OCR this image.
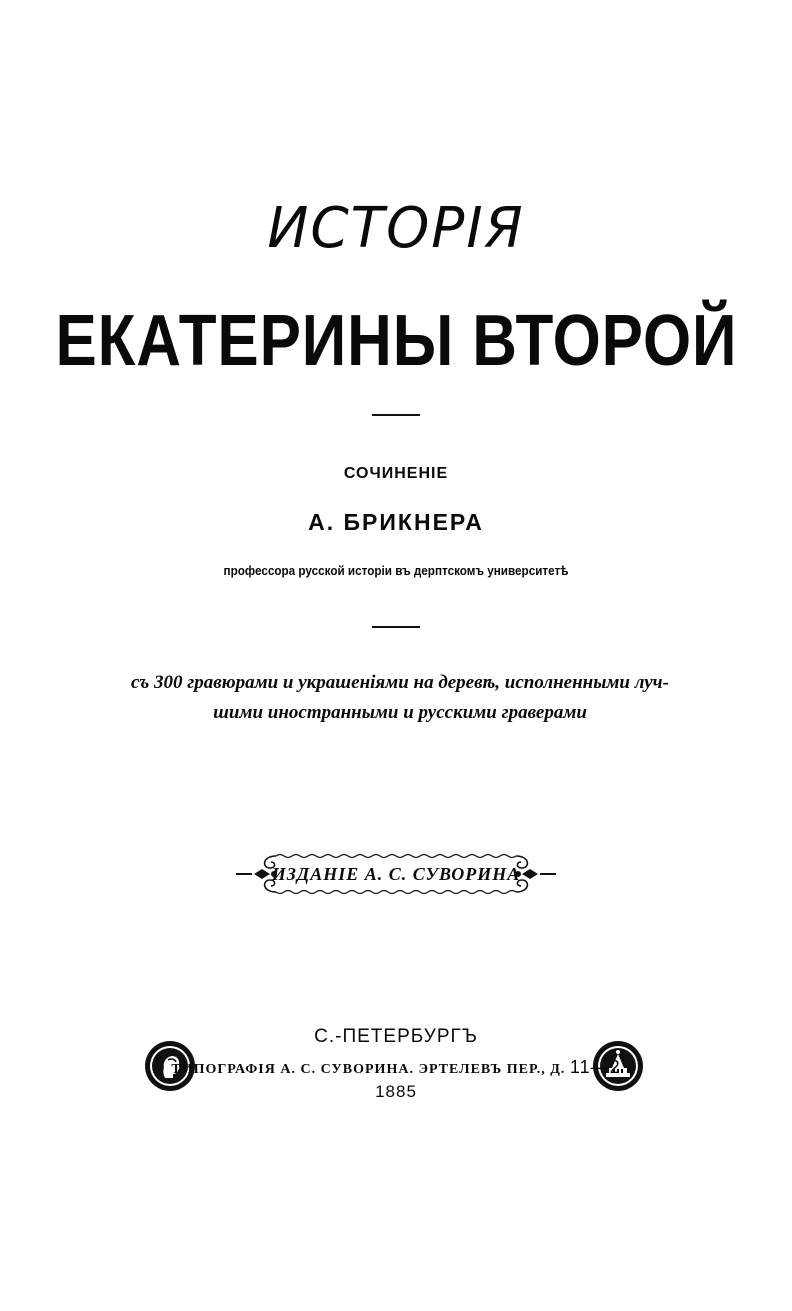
ИСТОРІЯ
ЕКАТЕРИНЫ ВТОРОЙ
СОЧИНЕНІЕ
А. БРИКНЕРА
профессора русской исторіи въ дерптскомъ университетѣ
съ 300 гравюрами и украшеніями на деревѣ, исполненными луч-
шими иностранными и русскими граверами
ИЗДАНІЕ А. С. СУВОРИНА
С.-ПЕТЕРБУРГЪ
ТИПОГРАФІЯ А. С. СУВОРИНА. ЭРТЕЛЕВЪ ПЕР., Д. 11—2
1885
